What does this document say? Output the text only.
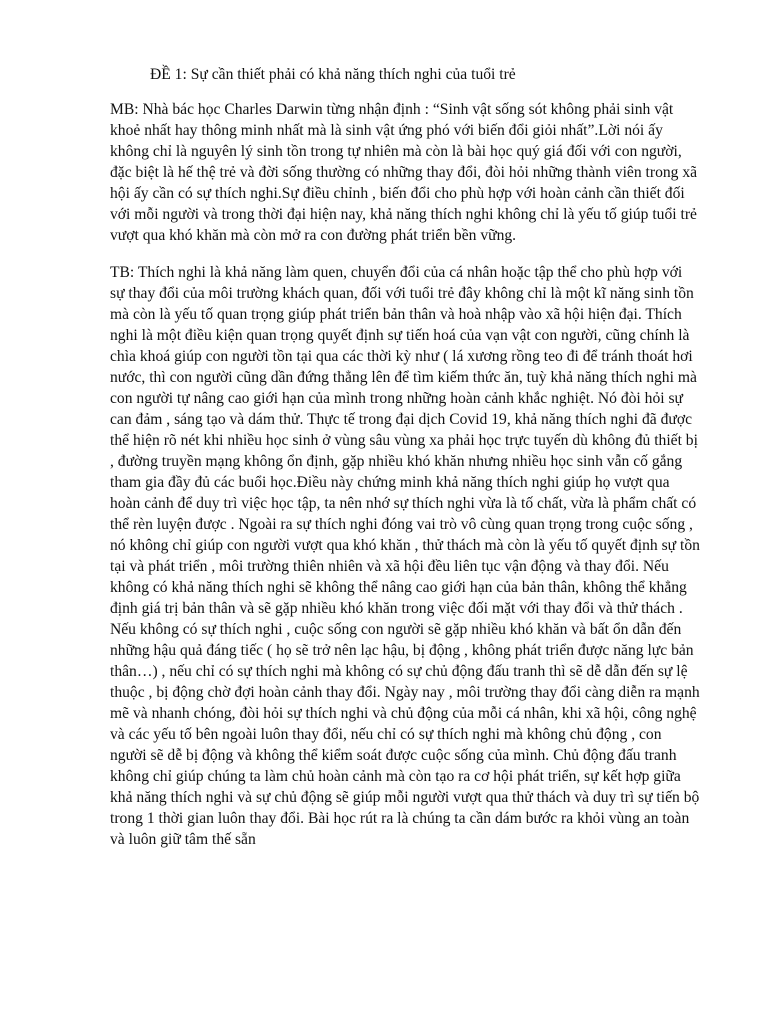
ĐỀ 1: Sự cần thiết phải có khả năng thích nghi của tuổi trẻ

MB: Nhà bác học Charles Darwin từng nhận định : “Sinh vật sống sót không phải sinh vật khoẻ nhất hay thông minh nhất mà là sinh vật ứng phó với biến đổi giỏi nhất”.Lời nói ấy không chỉ là nguyên lý sinh tồn trong tự nhiên mà còn là bài học quý giá đối với con người, đặc biệt là hế thệ trẻ và đời sống thường có những thay đổi, đòi hỏi những thành viên trong xã hội ấy cần có sự thích nghi.Sự điều chỉnh , biến đổi cho phù hợp với hoàn cảnh cần thiết đối với mỗi người và trong thời đại hiện nay, khả năng thích nghi không chỉ là yếu tố giúp tuổi trẻ vượt qua khó khăn mà còn mở ra con đường phát triển bền vững.

TB: Thích nghi là khả năng làm quen, chuyển đổi của cá nhân hoặc tập thể cho phù hợp với sự thay đổi của môi trường khách quan, đối với tuổi trẻ đây không chỉ là một kĩ năng sinh tồn mà còn là yếu tố quan trọng giúp phát triển bản thân và hoà nhập vào xã hội hiện đại. Thích nghi là một điều kiện quan trọng quyết định sự tiến hoá của vạn vật con người, cũng chính là chìa khoá giúp con người tồn tại qua các thời kỳ như ( lá xương rồng teo đi để tránh thoát hơi nước, thì con người cũng dần đứng thẳng lên để tìm kiếm thức ăn, tuỳ khả năng thích nghi mà con người tự nâng cao giới hạn của mình trong những hoàn cảnh khắc nghiệt. Nó đòi hỏi sự can đảm , sáng tạo và dám thử. Thực tế trong đại dịch Covid 19, khả năng thích nghi đã được thể hiện rõ nét khi nhiều học sinh ở vùng sâu vùng xa phải học trực tuyến dù không đủ thiết bị , đường truyền mạng không ổn định, gặp nhiều khó khăn nhưng nhiều học sinh vẫn cố gắng tham gia đầy đủ các buổi học.Điều này chứng minh khả năng thích nghi giúp họ vượt qua hoàn cảnh để duy trì việc học tập, ta nên nhớ sự thích nghi vừa là tố chất, vừa là phẩm chất có thể rèn luyện được . Ngoài ra sự thích nghi đóng vai trò vô cùng quan trọng trong cuộc sống , nó không chỉ giúp con người vượt qua khó khăn , thử thách mà còn là yếu tố quyết định sự tồn tại và phát triển , môi trường thiên nhiên và xã hội đều liên tục vận động và thay đổi. Nếu không có khả năng thích nghi sẽ không thể nâng cao giới hạn của bản thân, không thể khẳng định giá trị bản thân và sẽ gặp nhiều khó khăn trong việc đối mặt với thay đổi và thử thách . Nếu không có sự thích nghi , cuộc sống con người sẽ gặp nhiều khó khăn và bất ổn dẫn đến những hậu quả đáng tiếc ( họ sẽ trở nên lạc hậu, bị động , không phát triển được năng lực bản thân…) , nếu chỉ có sự thích nghi mà không có sự chủ động đấu tranh thì sẽ dễ dẫn đến sự lệ thuộc , bị động chờ đợi hoàn cảnh thay đổi. Ngày nay , môi trường thay đổi càng diễn ra mạnh mẽ và nhanh chóng, đòi hỏi sự thích nghi và chủ động của mỗi cá nhân, khi xã hội, công nghệ và các yếu tố bên ngoài luôn thay đổi, nếu chỉ có sự thích nghi mà không chủ động , con người sẽ dễ bị động và không thể kiểm soát được cuộc sống của mình. Chủ động đấu tranh không chỉ giúp chúng ta làm chủ hoàn cảnh mà còn tạo ra cơ hội phát triển, sự kết hợp giữa khả năng thích nghi và sự chủ động sẽ giúp mỗi người vượt qua thử thách và duy trì sự tiến bộ trong 1 thời gian luôn thay đổi. Bài học rút ra là chúng ta cần dám bước ra khỏi vùng an toàn và luôn giữ tâm thế sẵn
